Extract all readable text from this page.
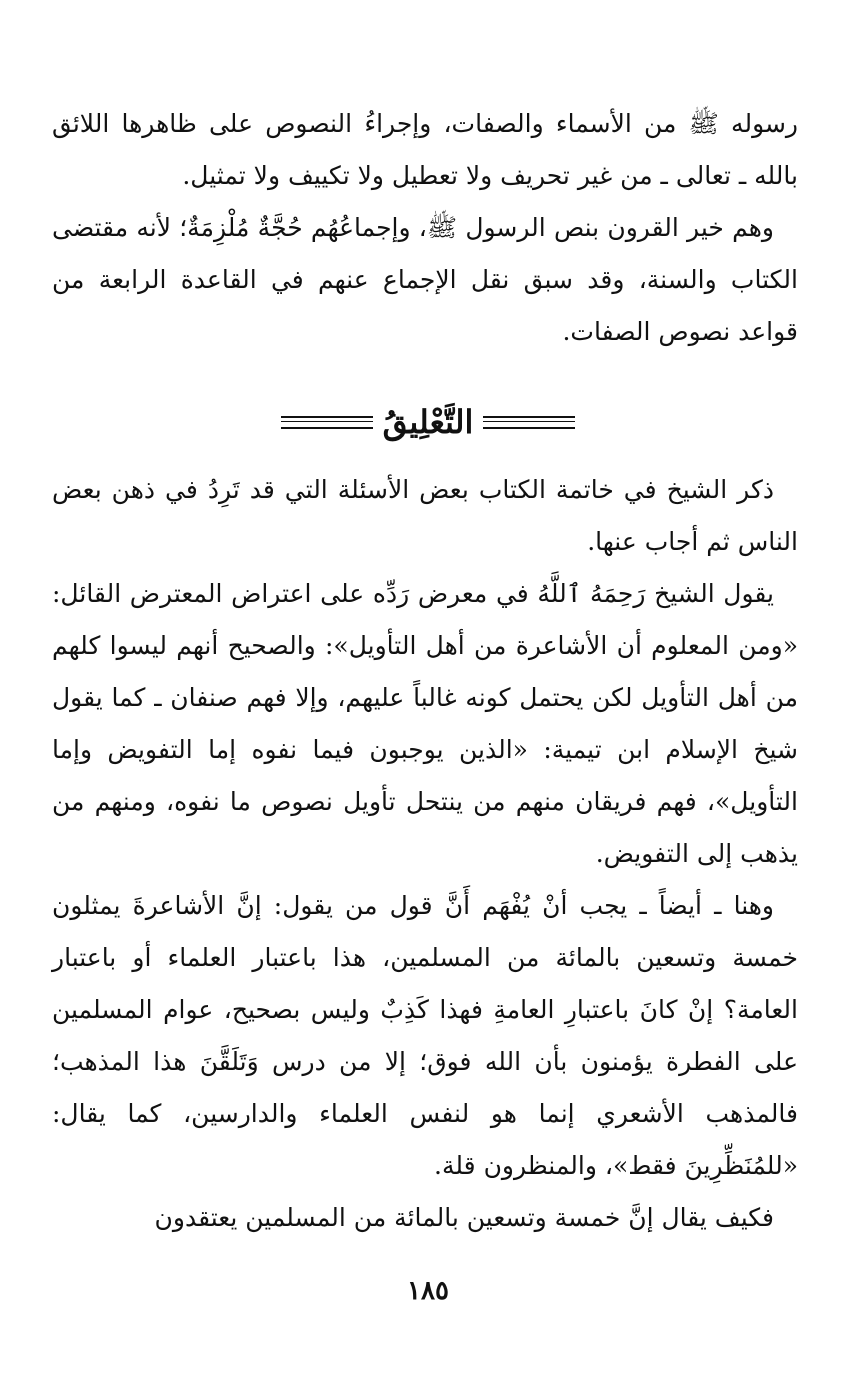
رسوله ﷺ من الأسماء والصفات، وإجراءُ النصوص على ظاهرها اللائق بالله ـ تعالى ـ من غير تحريف ولا تعطيل ولا تكييف ولا تمثيل.

وهم خير القرون بنص الرسول ﷺ، وإجماعُهُم حُجَّةٌ مُلْزِمَةٌ؛ لأنه مقتضى الكتاب والسنة، وقد سبق نقل الإجماع عنهم في القاعدة الرابعة من قواعد نصوص الصفات.

التَّعْلِيقُ

ذكر الشيخ في خاتمة الكتاب بعض الأسئلة التي قد تَرِدُ في ذهن بعض الناس ثم أجاب عنها.

يقول الشيخ رَحِمَهُ ٱللَّهُ في معرض رَدِّه على اعتراض المعترض القائل: «ومن المعلوم أن الأشاعرة من أهل التأويل»: والصحيح أنهم ليسوا كلهم من أهل التأويل لكن يحتمل كونه غالباً عليهم، وإلا فهم صنفان ـ كما يقول شيخ الإسلام ابن تيمية: «الذين يوجبون فيما نفوه إما التفويض وإما التأويل»، فهم فريقان منهم من ينتحل تأويل نصوص ما نفوه، ومنهم من يذهب إلى التفويض.

وهنا ـ أيضاً ـ يجب أنْ يُفْهَم أَنَّ قول من يقول: إنَّ الأشاعرةَ يمثلون خمسة وتسعين بالمائة من المسلمين، هذا باعتبار العلماء أو باعتبار العامة؟ إنْ كانَ باعتبارِ العامةِ فهذا كَذِبٌ وليس بصحيح، عوام المسلمين على الفطرة يؤمنون بأن الله فوق؛ إلا من درس وَتَلَقَّنَ هذا المذهب؛ فالمذهب الأشعري إنما هو لنفس العلماء والدارسين، كما يقال: «للمُنَظِّرِينَ فقط»، والمنظرون قلة.

فكيف يقال إنَّ خمسة وتسعين بالمائة من المسلمين يعتقدون

١٨٥
